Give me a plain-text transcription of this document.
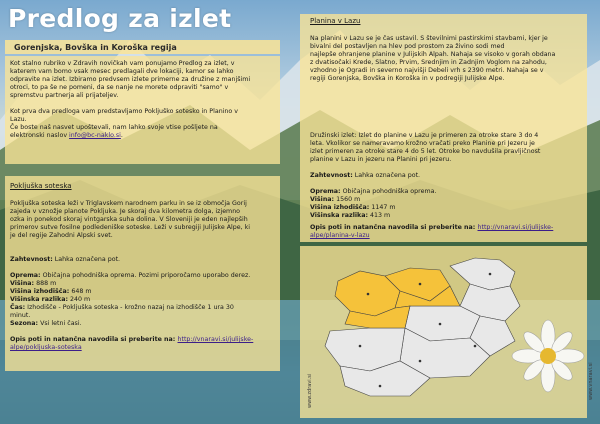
Predlog za izlet
Gorenjska, Bovška in Koroška regija
Kot stalno rubriko v Zdravih novičkah vam ponujamo Predlog za izlet, v
katerem vam bomo vsak mesec predlagali dve lokaciji, kamor se lahko
odpravite na izlet. Izbiramo predvsem izlete primerne za družine z manjšimi
otroci, to pa še ne pomeni, da se nanje ne morete odpraviti "samo" v
spremstvu partnerja ali prijateljev.
Kot prva dva predloga vam predstavljamo Pokljuško sotesko in Planino v
Lazu.
Če boste naš nasvet upoštevali, nam lahko svoje vtise pošljete na
elektronski naslov info@bc-naklo.si.
Pokljuška soteska
Pokljuška soteska leži v Triglavskem narodnem parku in se iz območja Gorij
zajeda v vznožje planote Pokljuka. Je skoraj dva kilometra dolga, izjemno
ozka in ponekod skoraj vintgarska suha dolina. V Sloveniji je eden najlepših
primerov sutve fosilne podledeniške soteske. Leži v subregiji Julijske Alpe, ki
je del regije Zahodni Alpski svet.
Zahtevnost: Lahka označena pot.
Oprema: Običajna pohodniška oprema. Pozimi priporočamo uporabo derez.
Višina: 888 m
Višina izhodišča: 648 m
Višinska razlika: 240 m
Čas: Izhodišče - Pokljuška soteska - krožno nazaj na izhodišče 1 ura 30
minut.
Sezona: Vsi letni časi.
Opis poti in natančna navodila si preberite na: http://vnaravi.si/julijske-
alpe/pokljuska-soteska
Planina v Lazu
Na planini v Lazu se je čas ustavil. S številnimi pastirskimi stavbami, kjer je
bivalni del postavljen na hlev pod prostom za živino sodi med
najlepše ohranjene planine v Julijskih Alpah. Nahaja se visoko v gorah obdana
z dvatisočaki Krede, Slatno, Prvim, Srednjim in Zadnjim Voglom na zahodu,
vzhodno je Ogradi in severno najvišji Debeli vrh s 2390 metri. Nahaja se v
regiji Gorenjska, Bovška in Koroška in v podregiji Julijske Alpe.
Družinski izlet: Izlet do planine v Lazu je primeren za otroke stare 3 do 4
leta. Vkolikor se nameravamo krožno vračati preko Planine pri Jezeru je
izlet primeren za otroke stare 4 do 5 let. Otroke bo navdušila pravljičnost
planine v Lazu in jezeru na Planini pri jezeru.
Zahtevnost: Lahka označena pot.
Oprema: Običajna pohodniška oprema.
Višina: 1560 m
Višina izhodišča: 1147 m
Višinska razlika: 413 m
Opis poti in natančna navodila si preberite na: http://vnaravi.si/julijske-
alpe/planina-v-lazu
www.zdravi.si	www.vnaravi.si
